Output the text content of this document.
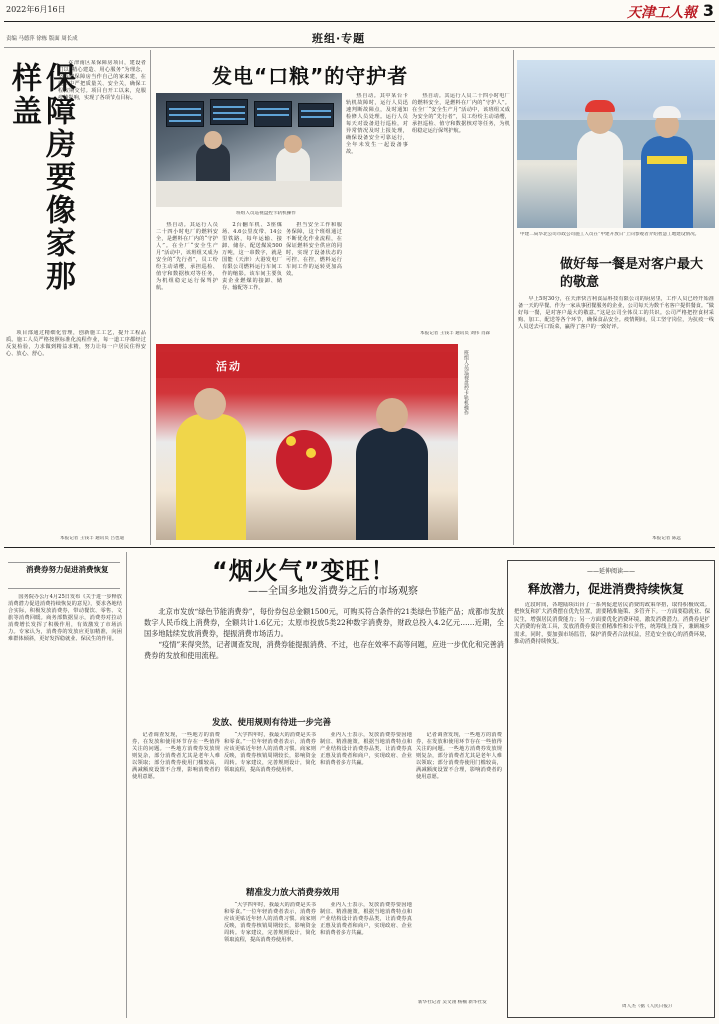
2022年6月16日	天津工人報 3
责编 马德萍 徐栋 版面 周长成	班组·专题
保障房要像家那样盖	在津南区某保障房项目，建设者们以“精心建造、用心服务”为理念，坚持把保障房当作自己的家来建，在施工中严把质量关、安全关，确保工程按期交付。项目自开工以来，克服疫情影响，实现了各项节点目标。

项目部通过精细化管理，创新施工工艺，提升工程品质。施工人员严格按照标准化流程作业，每一道工序都经过反复检验，力求做到精益求精，努力让每一户居民住得安心、放心、舒心。

本报记者 王钱丰 通讯员 吕也迪
发电“口粮”的守护者
班组人员巡视盘控卡轨机操作

热自动。其运行人员二十四小时电厂的燃料安全，是燃料在厂内的“守护人”。在全厂“安全生产月”活动中，该班组又成为安全的“先行者”，员工纷纷主动请缨，承担巡检、值守和数据核对等任务，为机组稳定运行保驾护航。

2台翻车机、3座煤场、4.6公里皮带、14公里铁路，每年运输、接卸、储存、配送煤炭500万吨，这一串数字，就是国能（天津）大港发电厂有限公司燃料运行车间工作的缩影。该车间主要负责企业燃煤的接卸、储存、输配等工作。

担当安全工作和服务保障，这个班组通过不断优化作业流程，在保证燃料安全供应的同时，实现了设备状态的可控、在控，燃料运行车间工作的运转更加高效。

热自动。其中某台卡轨机故障时，运行人员迅速判断故障点，及时通知检修人员处理。运行人员每天对设备进行巡检，对异常情况及时上报处理，确保设备安全可靠运行，全年未发生一起设备事故。

热自动。其运行人员二十四小时电厂的燃料安全，是燃料在厂内的“守护人”。在全厂“安全生产月”活动中，该班组又成为安全的“先行者”，员工纷纷主动请缨，承担巡检、值守和数据核对等任务，为机组稳定运行保驾护航。

本报记者 王钱丰 通讯员 刘伟 肖森
活动	班组人员巡视盘控卡轨机操作
中建二局华北公司市政公司施工人员在“中建开放日”上向参观者介绍智慧工地建设情况。
做好每一餐是对客户最大的敬意

早上5时30分，在天津快吉利食品科技有限公司的厨房里，工作人员已经开始准备一天的早餐。作为一家从事团餐服务的企业，公司每天为数千名客户提供餐食。“做好每一餐，是对客户最大的敬意。”这是公司全体员工的共识。公司严格把控食材采购、加工、配送等各个环节，确保食品安全。疫情期间，员工坚守岗位，为抗疫一线人员送去可口饭菜，赢得了客户的一致好评。

本报记者 陈远
消费券努力促进消费恢复

国务院办公厅4月25日发布《关于进一步释放消费潜力促进消费持续恢复的意见》，要求各地结合实际，积极发放消费券，带动餐饮、零售、文旅等消费回暖。商务部数据显示，消费券对拉动消费增长发挥了积极作用，有效激发了市场活力。专家认为，消费券的发放应更加精准，向困难群体倾斜，更好发挥稳就业、保民生的作用。

“烟火气”变旺！
——全国多地发消费券之后的市场观察

北京市发放“绿色节能消费券”，每份券包总金额1500元，可购买符合条件的21类绿色节能产品；成都市发放数字人民币线上消费券，全额共计1.6亿元；太原市投放5类22种数字消费券，财政总投入4.2亿元……近期，全国多地陆续发放消费券，提振消费市场活力。

“疫情”来得突然，记者调查发现，消费券能提振消费、不过，也存在效率不高等问题，应进一步优化和完善消费券的发放和使用流程。

发放、使用规则有待进一步完善

记者调查发现，一些地方的消费券，在发放和使用环节存在一些值得关注的问题。一些地方消费券发放规则复杂，部分消费者尤其是老年人难以领取；部分消费券使用门槛较高，满减额度设置不合理，影响消费者的使用意愿。

“大学四年时，我最大的消费是买书和零食。”一位年轻消费者表示，消费券应该更贴近年轻人的消费习惯。商家则反映，消费券核销周期较长，影响资金周转。专家建议，完善规则设计，简化领取流程，提高消费券使用率。

业内人士表示，发放消费券要因地制宜、精准施策，根据当地消费特点和产业结构设计消费券品类，让消费券真正惠及消费者和商户，实现政府、企业和消费者多方共赢。

记者调查发现，一些地方的消费券，在发放和使用环节存在一些值得关注的问题。一些地方消费券发放规则复杂，部分消费者尤其是老年人难以领取；部分消费券使用门槛较高，满减额度设置不合理，影响消费者的使用意愿。

精准发力放大消费券效用

“大学四年时，我最大的消费是买书和零食。”一位年轻消费者表示，消费券应该更贴近年轻人的消费习惯。商家则反映，消费券核销周期较长，影响资金周转。专家建议，完善规则设计，简化领取流程，提高消费券使用率。

业内人士表示，发放消费券要因地制宜、精准施策，根据当地消费特点和产业结构设计消费券品类，让消费券真正惠及消费者和商户，实现政府、企业和消费者多方共赢。

新华社记者 吴文诩 杨楠 新华社发
——延伸阅读——
释放潜力，促进消费持续恢复

近段时间，各地陆续出台了一系列促进居民消费的政策举措，取得积极成效。把恢复和扩大消费摆在优先位置，需要精准施策、多管齐下。一方面要稳就业、保民生，增强居民消费能力；另一方面要优化消费环境，激发消费潜力。消费券是扩大消费的有效工具，发放消费券要注重精准性和公平性，统筹线上线下，兼顾城乡需求。同时，要加强市场监管，保护消费者合法权益，营造安全放心的消费环境，推动消费持续恢复。

周人杰（据《人民日报》）
